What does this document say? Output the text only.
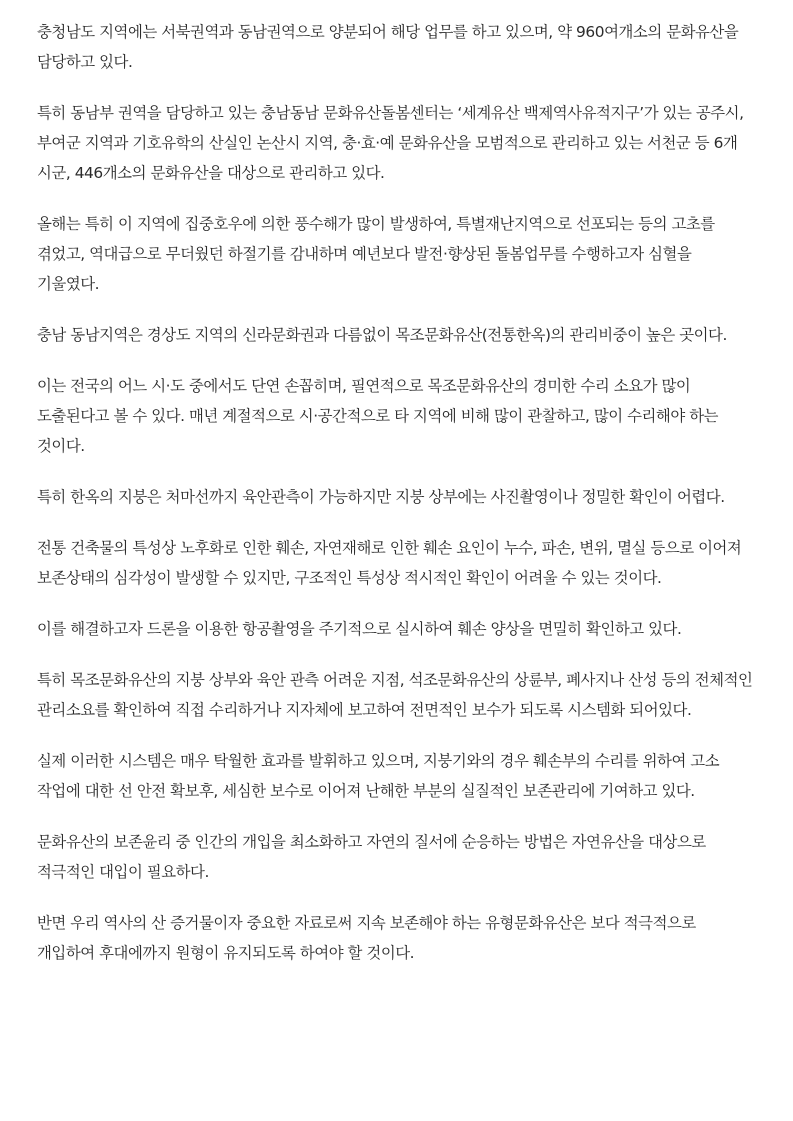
충청남도 지역에는 서북권역과 동남권역으로 양분되어 해당 업무를 하고 있으며, 약 960여개소의 문화유산을 담당하고 있다.

특히 동남부 권역을 담당하고 있는 충남동남 문화유산돌봄센터는 ‘세계유산 백제역사유적지구’가 있는 공주시, 부여군 지역과 기호유학의 산실인 논산시 지역, 충·효·예 문화유산을 모범적으로 관리하고 있는 서천군 등 6개 시군, 446개소의 문화유산을 대상으로 관리하고 있다.

올해는 특히 이 지역에 집중호우에 의한 풍수해가 많이 발생하여, 특별재난지역으로 선포되는 등의 고초를 겪었고, 역대급으로 무더웠던 하절기를 감내하며 예년보다 발전·향상된 돌봄업무를 수행하고자 심혈을 기울였다.

충남 동남지역은 경상도 지역의 신라문화권과 다름없이 목조문화유산(전통한옥)의 관리비중이 높은 곳이다.

이는 전국의 어느 시·도 중에서도 단연 손꼽히며, 필연적으로 목조문화유산의 경미한 수리 소요가 많이 도출된다고 볼 수 있다. 매년 계절적으로 시·공간적으로 타 지역에 비해 많이 관찰하고, 많이 수리해야 하는 것이다.

특히 한옥의 지붕은 처마선까지 육안관측이 가능하지만 지붕 상부에는 사진촬영이나 정밀한 확인이 어렵다.

전통 건축물의 특성상 노후화로 인한 훼손, 자연재해로 인한 훼손 요인이 누수, 파손, 변위, 멸실 등으로 이어져 보존상태의 심각성이 발생할 수 있지만, 구조적인 특성상 적시적인 확인이 어려울 수 있는 것이다.

이를 해결하고자 드론을 이용한 항공촬영을 주기적으로 실시하여 훼손 양상을 면밀히 확인하고 있다.

특히 목조문화유산의 지붕 상부와 육안 관측 어려운 지점, 석조문화유산의 상륜부, 폐사지나 산성 등의 전체적인 관리소요를 확인하여 직접 수리하거나 지자체에 보고하여 전면적인 보수가 되도록 시스템화 되어있다.

실제 이러한 시스템은 매우 탁월한 효과를 발휘하고 있으며, 지붕기와의 경우 훼손부의 수리를 위하여 고소 작업에 대한 선 안전 확보후, 세심한 보수로 이어져 난해한 부분의 실질적인 보존관리에 기여하고 있다.

문화유산의 보존윤리 중 인간의 개입을 최소화하고 자연의 질서에 순응하는 방법은 자연유산을 대상으로 적극적인 대입이 필요하다.

반면 우리 역사의 산 증거물이자 중요한 자료로써 지속 보존해야 하는 유형문화유산은 보다 적극적으로 개입하여 후대에까지 원형이 유지되도록 하여야 할 것이다.
